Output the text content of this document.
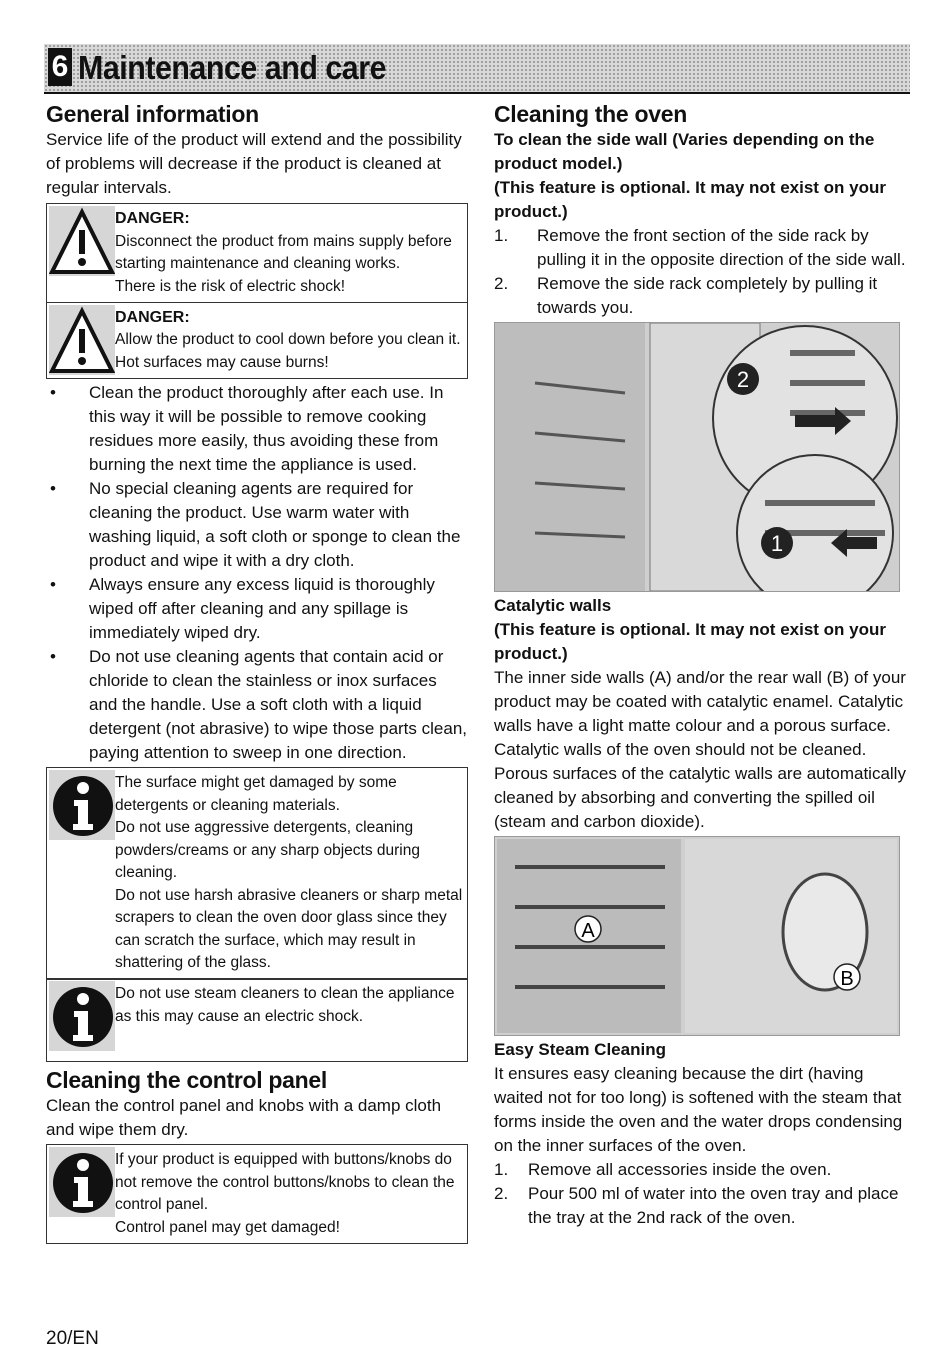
6 Maintenance and care
General information

Service life of the product will extend and the possibility of problems will decrease if the product is cleaned at regular intervals.

DANGER:
Disconnect the product from mains supply before starting maintenance and cleaning works.
There is the risk of electric shock!
DANGER:
Allow the product to cool down before you clean it.
Hot surfaces may cause burns!
• Clean the product thoroughly after each use. In this way it will be possible to remove cooking residues more easily, thus avoiding these from burning the next time the appliance is used.
• No special cleaning agents are required for cleaning the product. Use warm water with washing liquid, a soft cloth or sponge to clean the product and wipe it with a dry cloth.
• Always ensure any excess liquid is thoroughly wiped off after cleaning and any spillage is immediately wiped dry.
• Do not use cleaning agents that contain acid or chloride to clean the stainless or inox surfaces and the handle. Use a soft cloth with a liquid detergent (not abrasive) to wipe those parts clean, paying attention to sweep in one direction.
The surface might get damaged by some detergents or cleaning materials.
Do not use aggressive detergents, cleaning powders/creams or any sharp objects during cleaning.
Do not use harsh abrasive cleaners or sharp metal scrapers to clean the oven door glass since they can scratch the surface, which may result in shattering of the glass.
Do not use steam cleaners to clean the appliance as this may cause an electric shock.
Cleaning the control panel

Clean the control panel and knobs with a damp cloth and wipe them dry.

If your product is equipped with buttons/knobs do not remove the control buttons/knobs to clean the control panel.
Control panel may get damaged!
Cleaning the oven
To clean the side wall (Varies depending on the product model.)
(This feature is optional. It may not exist on your product.)
1. Remove the front section of the side rack by pulling it in the opposite direction of the side wall.
2. Remove the side rack completely by pulling it towards you.
2
1
Catalytic walls
(This feature is optional. It may not exist on your product.)

The inner side walls (A) and/or the rear wall (B) of your product may be coated with catalytic enamel. Catalytic walls have a light matte colour and a porous surface. Catalytic walls of the oven should not be cleaned. Porous surfaces of the catalytic walls are automatically cleaned by absorbing and converting the spilled oil (steam and carbon dioxide).

A
B
Easy Steam Cleaning

It ensures easy cleaning because the dirt (having waited not for too long) is softened with the steam that forms inside the oven and the water drops condensing on the inner surfaces of the oven.

1. Remove all accessories inside the oven.
2. Pour 500 ml of water into the oven tray and place the tray at the 2nd rack of the oven.
20/EN
